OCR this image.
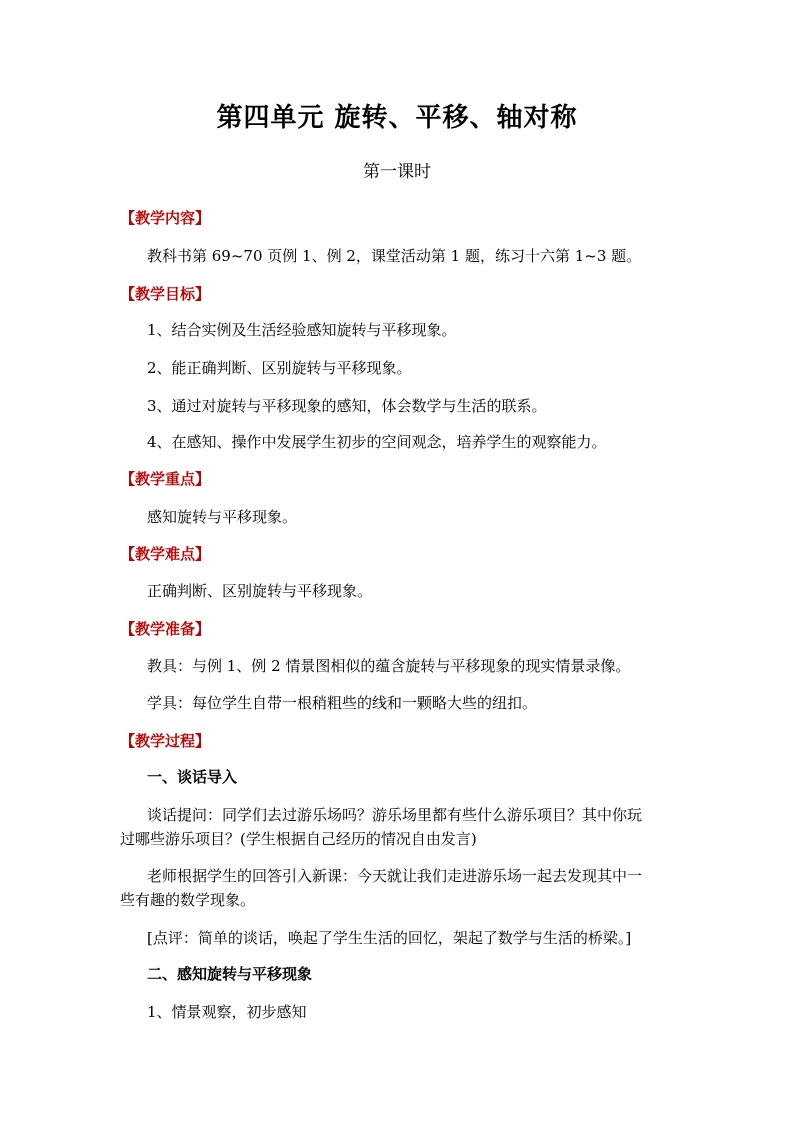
第四单元 旋转、平移、轴对称
第一课时
【教学内容】
教科书第 69~70 页例 1、例 2，课堂活动第 1 题，练习十六第 1~3 题。
【教学目标】
1、结合实例及生活经验感知旋转与平移现象。
2、能正确判断、区别旋转与平移现象。
3、通过对旋转与平移现象的感知，体会数学与生活的联系。
4、在感知、操作中发展学生初步的空间观念，培养学生的观察能力。
【教学重点】
感知旋转与平移现象。
【教学难点】
正确判断、区别旋转与平移现象。
【教学准备】
教具：与例 1、例 2 情景图相似的蕴含旋转与平移现象的现实情景录像。
学具：每位学生自带一根稍粗些的线和一颗略大些的纽扣。
【教学过程】
一、谈话导入
谈话提问：同学们去过游乐场吗？游乐场里都有些什么游乐项目？其中你玩
过哪些游乐项目？(学生根据自己经历的情况自由发言)
老师根据学生的回答引入新课：今天就让我们走进游乐场一起去发现其中一
些有趣的数学现象。
[点评：简单的谈话，唤起了学生生活的回忆，架起了数学与生活的桥梁。]
二、感知旋转与平移现象
1、情景观察，初步感知
